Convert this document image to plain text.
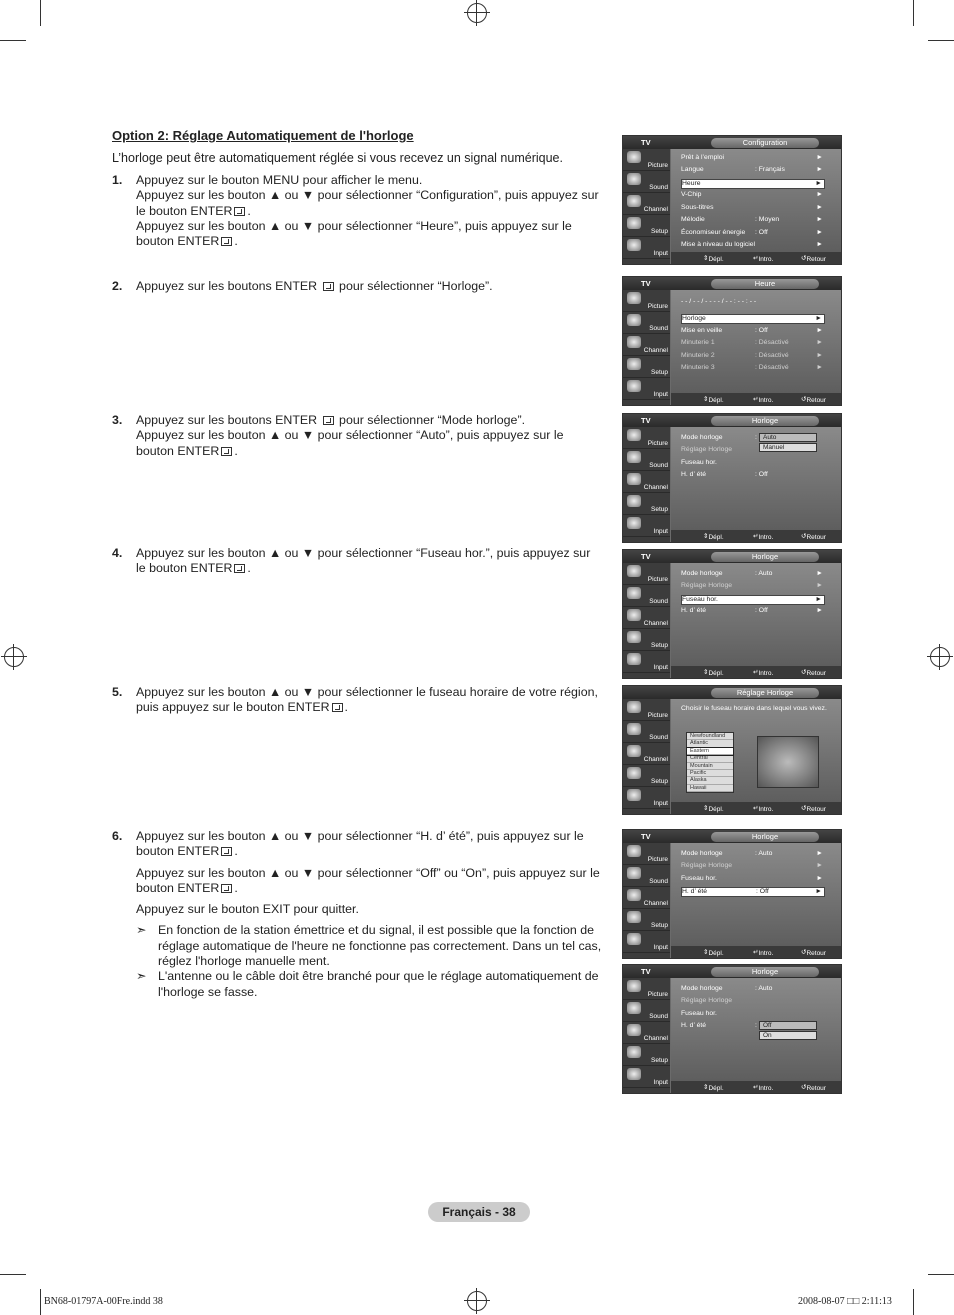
Option 2: Réglage Automatiquement de l'horloge
L’horloge peut être automatiquement réglée si vous recevez un signal numérique.
1. Appuyez sur le bouton MENU pour afficher le menu.

Appuyez sur les bouton ▲ ou ▼ pour sélectionner “Configuration”, puis appuyez sur le bouton ENTER .

Appuyez sur les bouton ▲ ou ▼ pour sélectionner “Heure”, puis appuyez sur le bouton ENTER .

2. Appuyez sur les boutons ENTER pour sélectionner “Horloge”.

3. Appuyez sur les boutons ENTER pour sélectionner “Mode horloge”.

Appuyez sur les bouton ▲ ou ▼ pour sélectionner “Auto”, puis appuyez sur le bouton ENTER .

4. Appuyez sur les bouton ▲ ou ▼ pour sélectionner “Fuseau hor.”, puis appuyez sur le bouton ENTER .

5. Appuyez sur les bouton ▲ ou ▼ pour sélectionner le fuseau horaire de votre région, puis appuyez sur le bouton ENTER .

6. Appuyez sur les bouton ▲ ou ▼ pour sélectionner “H. d’ été”, puis appuyez sur le bouton ENTER .

Appuyez sur les bouton ▲ ou ▼ pour sélectionner “Off” ou “On”, puis appuyez sur le bouton ENTER .

Appuyez sur le bouton EXIT pour quitter.

➣ En fonction de la station émettrice et du signal, il est possible que la fonction de réglage automatique de l'heure ne fonctionne pas correctement. Dans un tel cas, réglez l'horloge manuelle ment.
➣ L'antenne ou le câble doit être branché pour que le réglage automatiquement de l'horloge se fasse.
TV	Configuration
Picture
Sound
Channel
Setup
Input
Prêt à l’emploi	►
Langue	: Français	►
Heure	►
V-Chip	►
Sous-titres	►
Mélodie	: Moyen	►
Économiseur énergie : Off	►
Mise à niveau du logiciel	►
⇕ Dépl.	↵ Intro.	↺ Retour
TV	Heure
Picture
Sound
Channel
Setup
Input
- - / - - / - - - - / - - : - - : - -
Horloge	►
Mise en veille	: Off	►
Minuterie 1	: Désactivé	►
Minuterie 2	: Désactivé	►
Minuterie 3	: Désactivé	►
⇕ Dépl.	↵ Intro.	↺ Retour
TV	Horloge
Picture
Sound
Channel
Setup
Input
Mode horloge	:
Réglage Horloge
Fuseau hor.
H. d’ été	: Off
Auto
Manuel
⇕ Dépl.	↵ Intro.	↺ Retour
TV	Horloge
Picture
Sound
Channel
Setup
Input
Mode horloge	: Auto	►
Réglage Horloge	►
Fuseau hor.	►
H. d’ été	: Off	►
⇕ Dépl.	↵ Intro.	↺ Retour
Réglage Horloge
Picture
Sound
Channel
Setup
Input
Choisir le fuseau horaire dans lequel vous vivez.
Newfoundland
Atlantic
Eastern
Central
Mountain
Pacific
Alaska
Hawaii
⇕ Dépl.	↵ Intro.	↺ Retour
TV	Horloge
Picture
Sound
Channel
Setup
Input
Mode horloge	: Auto	►
Réglage Horloge	►
Fuseau hor.	►
H. d’ été	: Off	►
⇕ Dépl.	↵ Intro.	↺ Retour
TV	Horloge
Picture
Sound
Channel
Setup
Input
Mode horloge	: Auto
Réglage Horloge
Fuseau hor.
H. d’ été	: Off
On
⇕ Dépl.	↵ Intro.	↺ Retour
Français - 38
BN68-01797A-00Fre.indd 38	2008-08-07 □□ 2:11:13
